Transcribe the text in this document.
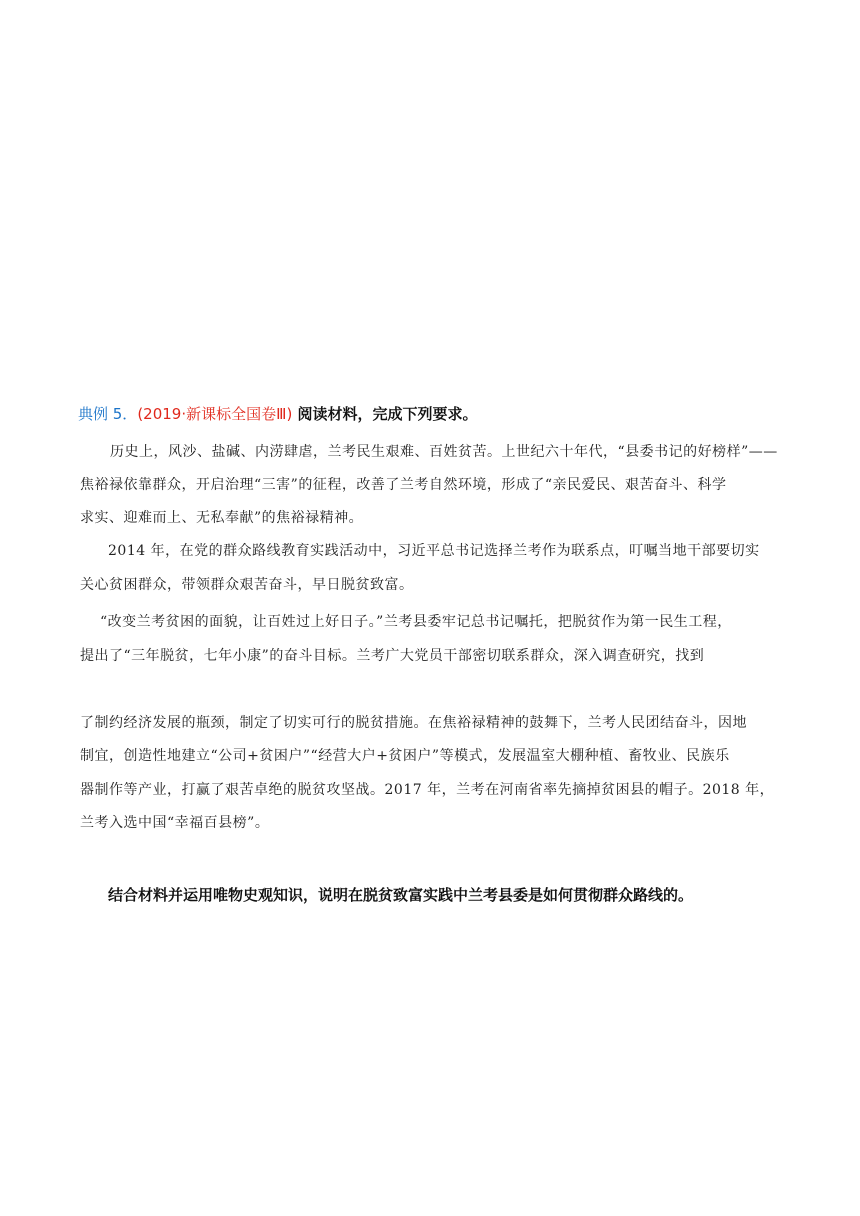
典例 5．(2019·新课标全国卷Ⅲ) 阅读材料，完成下列要求。
历史上，风沙、盐碱、内涝肆虐，兰考民生艰难、百姓贫苦。上世纪六十年代，“县委书记的好榜样”——
焦裕禄依靠群众，开启治理“三害”的征程，改善了兰考自然环境，形成了“亲民爱民、艰苦奋斗、科学
求实、迎难而上、无私奉献”的焦裕禄精神。
2014 年，在党的群众路线教育实践活动中，习近平总书记选择兰考作为联系点，叮嘱当地干部要切实
关心贫困群众，带领群众艰苦奋斗，早日脱贫致富。
“改变兰考贫困的面貌，让百姓过上好日子。”兰考县委牢记总书记嘱托，把脱贫作为第一民生工程，
提出了“三年脱贫，七年小康”的奋斗目标。兰考广大党员干部密切联系群众，深入调查研究，找到
了制约经济发展的瓶颈，制定了切实可行的脱贫措施。在焦裕禄精神的鼓舞下，兰考人民团结奋斗，因地
制宜，创造性地建立“公司+贫困户”“经营大户+贫困户”等模式，发展温室大棚种植、畜牧业、民族乐
器制作等产业，打赢了艰苦卓绝的脱贫攻坚战。2017 年，兰考在河南省率先摘掉贫困县的帽子。2018 年，
兰考入选中国“幸福百县榜”。
结合材料并运用唯物史观知识，说明在脱贫致富实践中兰考县委是如何贯彻群众路线的。
